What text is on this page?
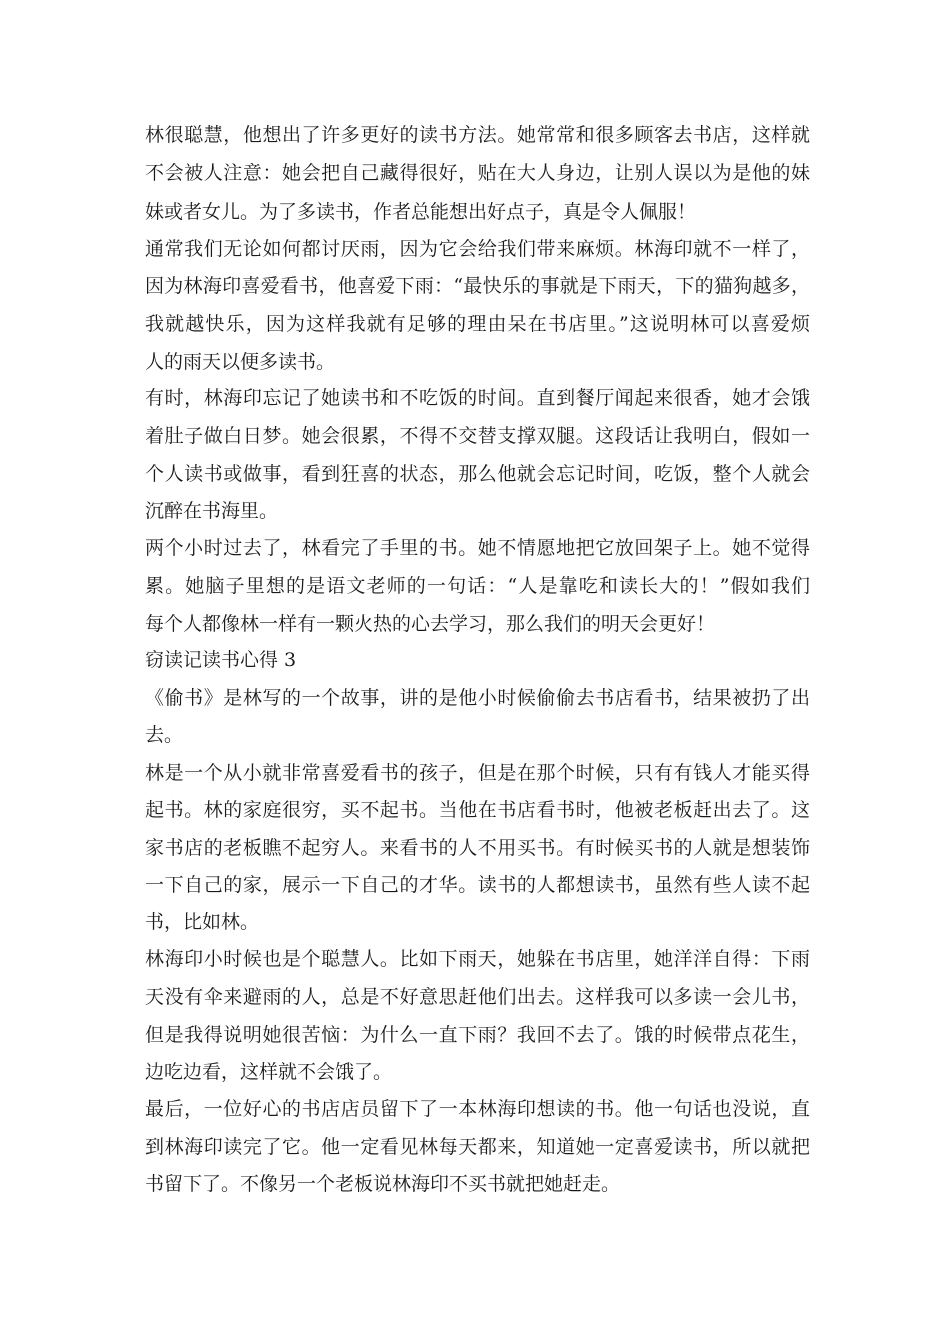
林很聪慧，他想出了许多更好的读书方法。她常常和很多顾客去书店，这样就
不会被人注意：她会把自己藏得很好，贴在大人身边，让别人误以为是他的妹
妹或者女儿。为了多读书，作者总能想出好点子，真是令人佩服！
通常我们无论如何都讨厌雨，因为它会给我们带来麻烦。林海印就不一样了，
因为林海印喜爱看书，他喜爱下雨：“最快乐的事就是下雨天，下的猫狗越多，
我就越快乐，因为这样我就有足够的理由呆在书店里。”这说明林可以喜爱烦
人的雨天以便多读书。
有时，林海印忘记了她读书和不吃饭的时间。直到餐厅闻起来很香，她才会饿
着肚子做白日梦。她会很累，不得不交替支撑双腿。这段话让我明白，假如一
个人读书或做事，看到狂喜的状态，那么他就会忘记时间，吃饭，整个人就会
沉醉在书海里。
两个小时过去了，林看完了手里的书。她不情愿地把它放回架子上。她不觉得
累。她脑子里想的是语文老师的一句话：“人是靠吃和读长大的！”假如我们
每个人都像林一样有一颗火热的心去学习，那么我们的明天会更好！
窃读记读书心得 3
《偷书》是林写的一个故事，讲的是他小时候偷偷去书店看书，结果被扔了出
去。
林是一个从小就非常喜爱看书的孩子，但是在那个时候，只有有钱人才能买得
起书。林的家庭很穷，买不起书。当他在书店看书时，他被老板赶出去了。这
家书店的老板瞧不起穷人。来看书的人不用买书。有时候买书的人就是想装饰
一下自己的家，展示一下自己的才华。读书的人都想读书，虽然有些人读不起
书，比如林。
林海印小时候也是个聪慧人。比如下雨天，她躲在书店里，她洋洋自得：下雨
天没有伞来避雨的人，总是不好意思赶他们出去。这样我可以多读一会儿书，
但是我得说明她很苦恼：为什么一直下雨？我回不去了。饿的时候带点花生，
边吃边看，这样就不会饿了。
最后，一位好心的书店店员留下了一本林海印想读的书。他一句话也没说，直
到林海印读完了它。他一定看见林每天都来，知道她一定喜爱读书，所以就把
书留下了。不像另一个老板说林海印不买书就把她赶走。
